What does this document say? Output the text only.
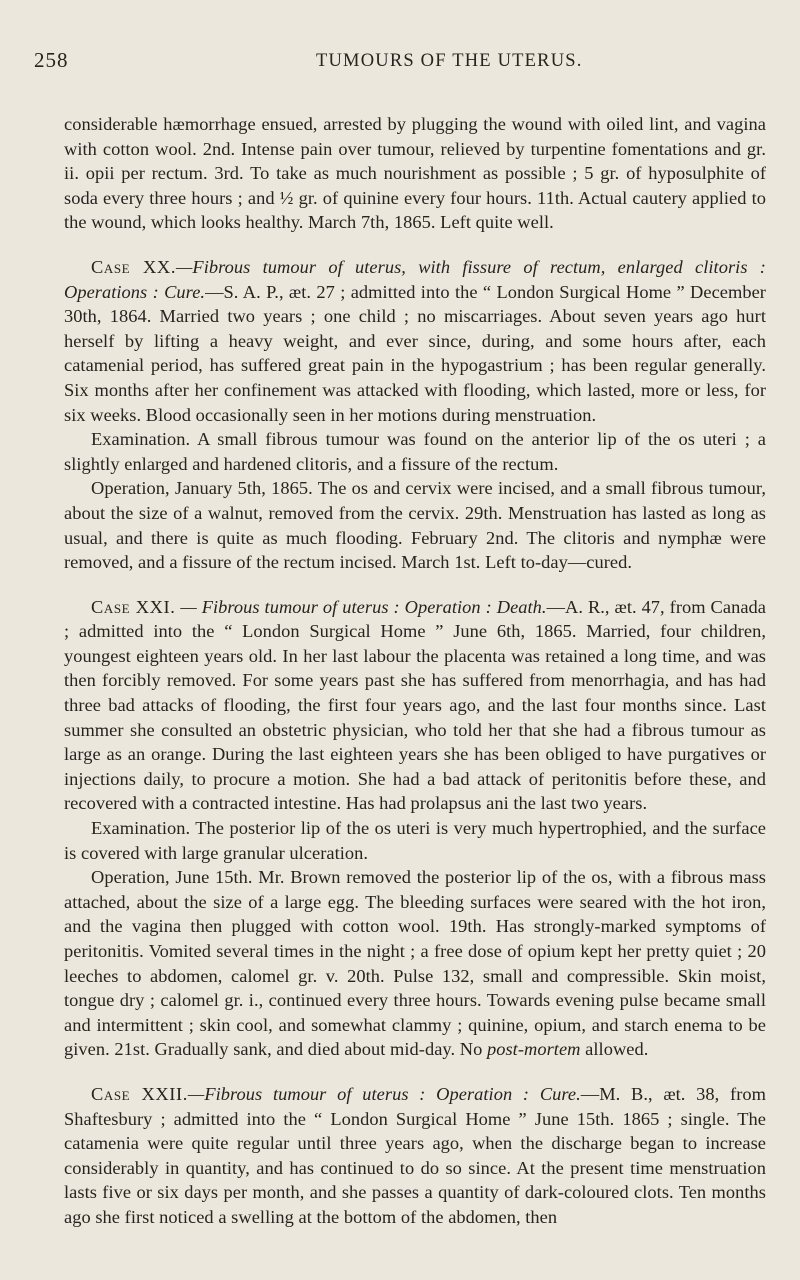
258	TUMOURS OF THE UTERUS.

considerable hæmorrhage ensued, arrested by plugging the wound with oiled lint, and vagina with cotton wool. 2nd. Intense pain over tumour, relieved by turpentine fomentations and gr. ii. opii per rectum. 3rd. To take as much nourishment as possible ; 5 gr. of hyposulphite of soda every three hours ; and ½ gr. of quinine every four hours. 11th. Actual cautery applied to the wound, which looks healthy. March 7th, 1865. Left quite well.

Case XX.—Fibrous tumour of uterus, with fissure of rectum, enlarged clitoris : Operations : Cure.—S. A. P., æt. 27 ; admitted into the “ London Surgical Home ” December 30th, 1864. Married two years ; one child ; no miscarriages. About seven years ago hurt herself by lifting a heavy weight, and ever since, during, and some hours after, each catamenial period, has suffered great pain in the hypogastrium ; has been regular generally. Six months after her confinement was attacked with flooding, which lasted, more or less, for six weeks. Blood occasionally seen in her motions during menstruation.

Examination. A small fibrous tumour was found on the anterior lip of the os uteri ; a slightly enlarged and hardened clitoris, and a fissure of the rectum.

Operation, January 5th, 1865. The os and cervix were incised, and a small fibrous tumour, about the size of a walnut, removed from the cervix. 29th. Menstruation has lasted as long as usual, and there is quite as much flooding. February 2nd. The clitoris and nymphæ were removed, and a fissure of the rectum incised. March 1st. Left to-day—cured.

Case XXI. — Fibrous tumour of uterus : Operation : Death.—A. R., æt. 47, from Canada ; admitted into the “ London Surgical Home ” June 6th, 1865. Married, four children, youngest eighteen years old. In her last labour the placenta was retained a long time, and was then forcibly removed. For some years past she has suffered from menorrhagia, and has had three bad attacks of flooding, the first four years ago, and the last four months since. Last summer she consulted an obstetric physician, who told her that she had a fibrous tumour as large as an orange. During the last eighteen years she has been obliged to have purgatives or injections daily, to procure a motion. She had a bad attack of peritonitis before these, and recovered with a contracted intestine. Has had prolapsus ani the last two years.

Examination. The posterior lip of the os uteri is very much hypertrophied, and the surface is covered with large granular ulceration.

Operation, June 15th. Mr. Brown removed the posterior lip of the os, with a fibrous mass attached, about the size of a large egg. The bleeding surfaces were seared with the hot iron, and the vagina then plugged with cotton wool. 19th. Has strongly-marked symptoms of peritonitis. Vomited several times in the night ; a free dose of opium kept her pretty quiet ; 20 leeches to abdomen, calomel gr. v. 20th. Pulse 132, small and compressible. Skin moist, tongue dry ; calomel gr. i., continued every three hours. Towards evening pulse became small and intermittent ; skin cool, and somewhat clammy ; quinine, opium, and starch enema to be given. 21st. Gradually sank, and died about mid-day. No post-mortem allowed.

Case XXII.—Fibrous tumour of uterus : Operation : Cure.—M. B., æt. 38, from Shaftesbury ; admitted into the “ London Surgical Home ” June 15th. 1865 ; single. The catamenia were quite regular until three years ago, when the discharge began to increase considerably in quantity, and has continued to do so since. At the present time menstruation lasts five or six days per month, and she passes a quantity of dark-coloured clots. Ten months ago she first noticed a swelling at the bottom of the abdomen, then
